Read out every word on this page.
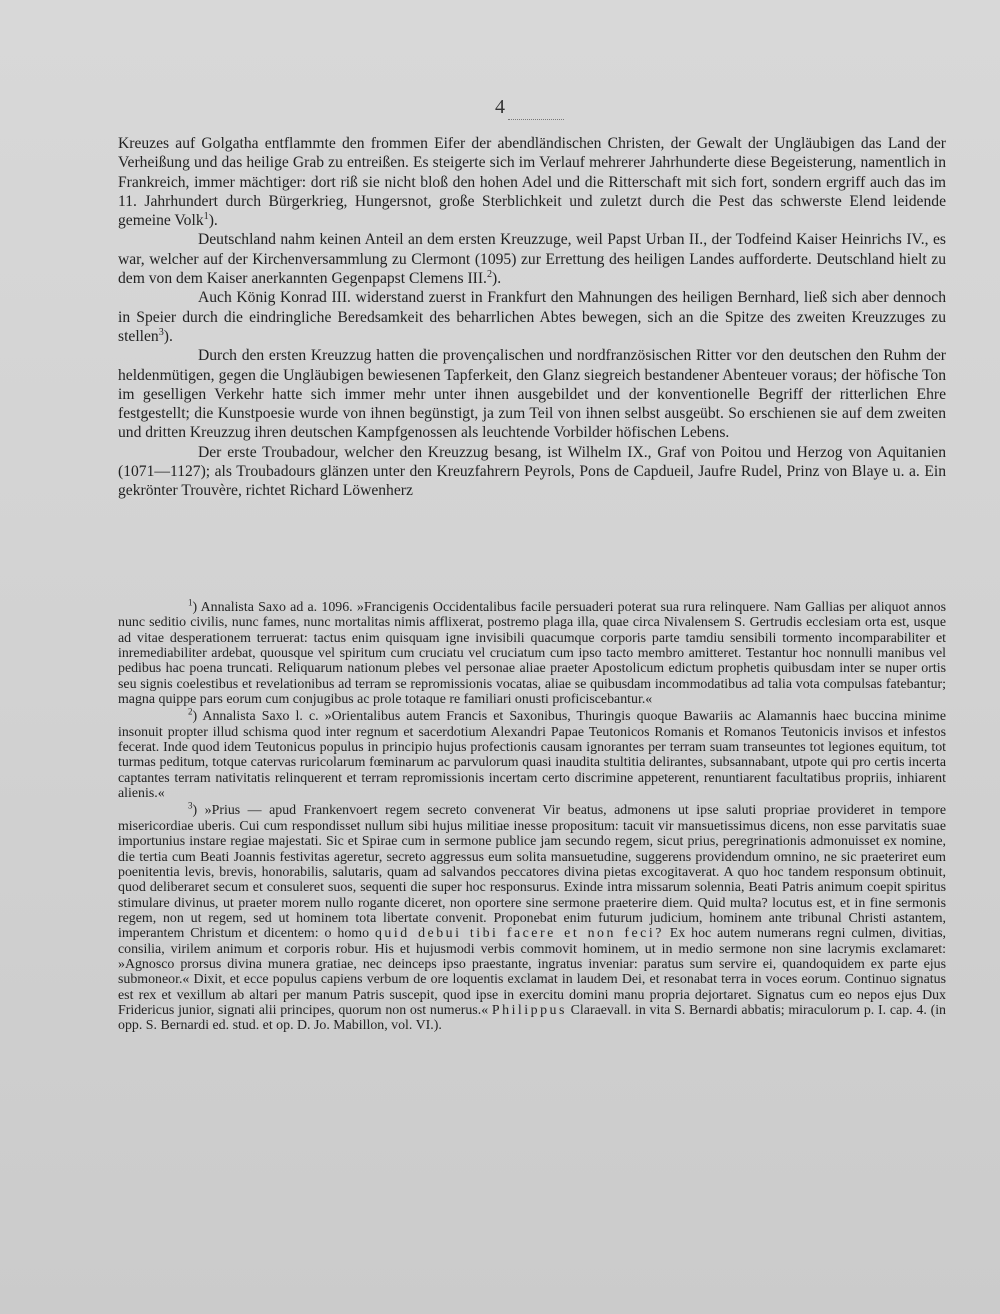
4

Kreuzes auf Golgatha entflammte den frommen Eifer der abendländischen Christen, der Gewalt der Ungläubigen das Land der Verheißung und das heilige Grab zu entreißen. Es steigerte sich im Verlauf mehrerer Jahrhunderte diese Begeisterung, namentlich in Frankreich, immer mächtiger: dort riß sie nicht bloß den hohen Adel und die Ritterschaft mit sich fort, sondern ergriff auch das im 11. Jahrhundert durch Bürgerkrieg, Hungersnot, große Sterblichkeit und zuletzt durch die Pest das schwerste Elend leidende gemeine Volk$^1$).

Deutschland nahm keinen Anteil an dem ersten Kreuzzuge, weil Papst Urban II., der Todfeind Kaiser Heinrichs IV., es war, welcher auf der Kirchenversammlung zu Clermont (1095) zur Errettung des heiligen Landes aufforderte. Deutschland hielt zu dem von dem Kaiser anerkannten Gegenpapst Clemens III.$^2$).

Auch König Konrad III. widerstand zuerst in Frankfurt den Mahnungen des heiligen Bernhard, ließ sich aber dennoch in Speier durch die eindringliche Beredsamkeit des beharrlichen Abtes bewegen, sich an die Spitze des zweiten Kreuzzuges zu stellen$^3$).

Durch den ersten Kreuzzug hatten die provençalischen und nordfranzösischen Ritter vor den deutschen den Ruhm der heldenmütigen, gegen die Ungläubigen bewiesenen Tapferkeit, den Glanz siegreich bestandener Abenteuer voraus; der höfische Ton im geselligen Verkehr hatte sich immer mehr unter ihnen ausgebildet und der konventionelle Begriff der ritterlichen Ehre festgestellt; die Kunstpoesie wurde von ihnen begünstigt, ja zum Teil von ihnen selbst ausgeübt. So erschienen sie auf dem zweiten und dritten Kreuzzug ihren deutschen Kampfgenossen als leuchtende Vorbilder höfischen Lebens.

Der erste Troubadour, welcher den Kreuzzug besang, ist Wilhelm IX., Graf von Poitou und Herzog von Aquitanien (1071—1127); als Troubadours glänzen unter den Kreuzfahrern Peyrols, Pons de Capdueil, Jaufre Rudel, Prinz von Blaye u. a. Ein gekrönter Trouvère, richtet Richard Löwenherz

$^1$) Annalista Saxo ad a. 1096. »Francigenis Occidentalibus facile persuaderi poterat sua rura relinquere. Nam Gallias per aliquot annos nunc seditio civilis, nunc fames, nunc mortalitas nimis afflixerat, postremo plaga illa, quae circa Nivalensem S. Gertrudis ecclesiam orta est, usque ad vitae desperationem terruerat: tactus enim quisquam igne invisibili quacumque corporis parte tamdiu sensibili tormento incomparabiliter et inremediabiliter ardebat, quousque vel spiritum cum cruciatu vel cruciatum cum ipso tacto membro amitteret. Testantur hoc nonnulli manibus vel pedibus hac poena truncati. Reliquarum nationum plebes vel personae aliae praeter Apostolicum edictum prophetis quibusdam inter se nuper ortis seu signis coelestibus et revelationibus ad terram se repromissionis vocatas, aliae se quibusdam incommodatibus ad talia vota compulsas fatebantur; magna quippe pars eorum cum conjugibus ac prole totaque re familiari onusti proficiscebantur.«

$^2$) Annalista Saxo l. c. »Orientalibus autem Francis et Saxonibus, Thuringis quoque Bawariis ac Alamannis haec buccina minime insonuit propter illud schisma quod inter regnum et sacerdotium Alexandri Papae Teutonicos Romanis et Romanos Teutonicis invisos et infestos fecerat. Inde quod idem Teutonicus populus in principio hujus profectionis causam ignorantes per terram suam transeuntes tot legiones equitum, tot turmas peditum, totque catervas ruricolarum fœminarum ac parvulorum quasi inaudita stultitia delirantes, subsannabant, utpote qui pro certis incerta captantes terram nativitatis relinquerent et terram repromissionis incertam certo discrimine appeterent, renuntiarent facultatibus propriis, inhiarent alienis.«

$^3$) »Prius — apud Frankenvoert regem secreto convenerat Vir beatus, admonens ut ipse saluti propriae provideret in tempore misericordiae uberis. Cui cum respondisset nullum sibi hujus militiae inesse propositum: tacuit vir mansuetissimus dicens, non esse parvitatis suae importunius instare regiae majestati. Sic et Spirae cum in sermone publice jam secundo regem, sicut prius, peregrinationis admonuisset ex nomine, die tertia cum Beati Joannis festivitas ageretur, secreto aggressus eum solita mansuetudine, suggerens providendum omnino, ne sic praeteriret eum poenitentia levis, brevis, honorabilis, salutaris, quam ad salvandos peccatores divina pietas excogitaverat. A quo hoc tandem responsum obtinuit, quod deliberaret secum et consuleret suos, sequenti die super hoc responsurus. Exinde intra missarum solennia, Beati Patris animum coepit spiritus stimulare divinus, ut praeter morem nullo rogante diceret, non oportere sine sermone praeterire diem. Quid multa? locutus est, et in fine sermonis regem, non ut regem, sed ut hominem tota libertate convenit. Proponebat enim futurum judicium, hominem ante tribunal Christi astantem, imperantem Christum et dicentem: o homo quid debui tibi facere et non feci? Ex hoc autem numerans regni culmen, divitias, consilia, virilem animum et corporis robur. His et hujusmodi verbis commovit hominem, ut in medio sermone non sine lacrymis exclamaret: »Agnosco prorsus divina munera gratiae, nec deinceps ipso praestante, ingratus inveniar: paratus sum servire ei, quandoquidem ex parte ejus submoneor.« Dixit, et ecce populus capiens verbum de ore loquentis exclamat in laudem Dei, et resonabat terra in voces eorum. Continuo signatus est rex et vexillum ab altari per manum Patris suscepit, quod ipse in exercitu domini manu propria dejortaret. Signatus cum eo nepos ejus Dux Fridericus junior, signati alii principes, quorum non ost numerus.« Philippus Claraevall. in vita S. Bernardi abbatis; miraculorum p. I. cap. 4. (in opp. S. Bernardi ed. stud. et op. D. Jo. Mabillon, vol. VI.).
